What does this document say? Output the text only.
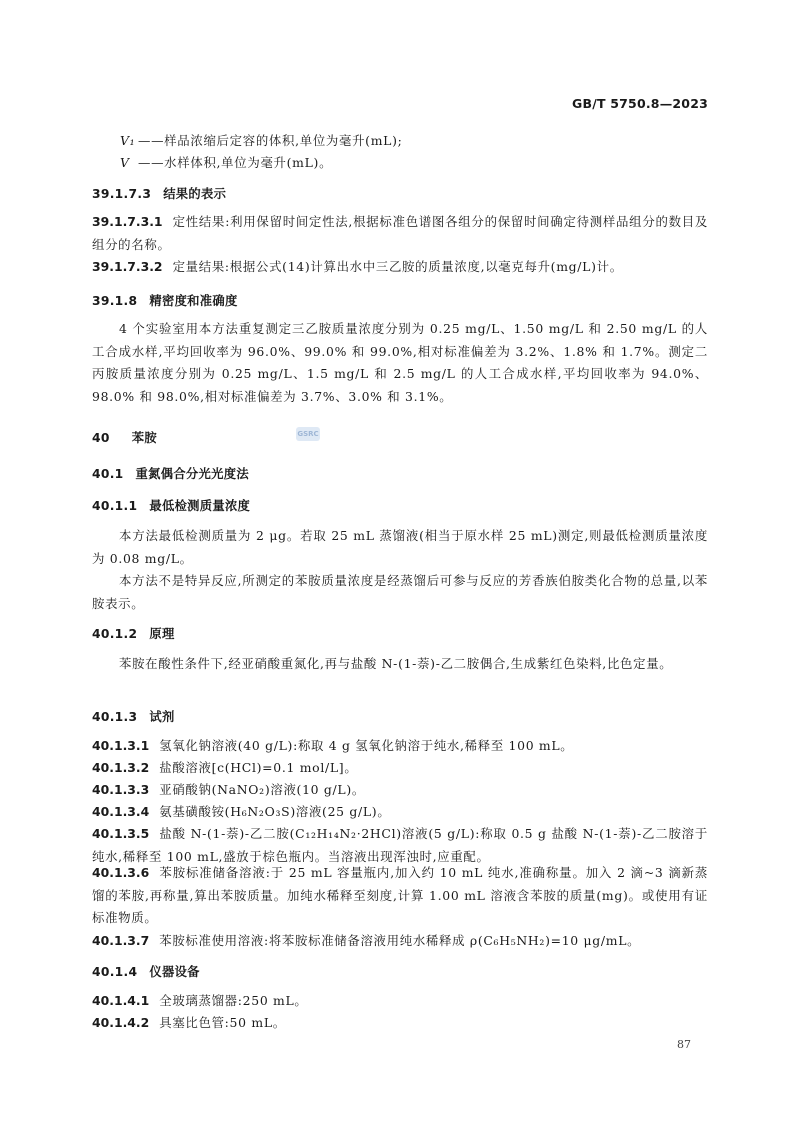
GB/T 5750.8—2023
V₁ ——样品浓缩后定容的体积,单位为毫升(mL);
V ——水样体积,单位为毫升(mL)。
39.1.7.3 结果的表示
39.1.7.3.1 定性结果:利用保留时间定性法,根据标准色谱图各组分的保留时间确定待测样品组分的数目及组分的名称。
39.1.7.3.2 定量结果:根据公式(14)计算出水中三乙胺的质量浓度,以毫克每升(mg/L)计。
39.1.8 精密度和准确度
4 个实验室用本方法重复测定三乙胺质量浓度分别为 0.25 mg/L、1.50 mg/L 和 2.50 mg/L 的人工合成水样,平均回收率为 96.0%、99.0% 和 99.0%,相对标准偏差为 3.2%、1.8% 和 1.7%。测定二丙胺质量浓度分别为 0.25 mg/L、1.5 mg/L 和 2.5 mg/L 的人工合成水样,平均回收率为 94.0%、98.0% 和 98.0%,相对标准偏差为 3.7%、3.0% 和 3.1%。
40 苯胺	GSRC
40.1 重氮偶合分光光度法
40.1.1 最低检测质量浓度
本方法最低检测质量为 2 μg。若取 25 mL 蒸馏液(相当于原水样 25 mL)测定,则最低检测质量浓度为 0.08 mg/L。
本方法不是特异反应,所测定的苯胺质量浓度是经蒸馏后可参与反应的芳香族伯胺类化合物的总量,以苯胺表示。
40.1.2 原理
苯胺在酸性条件下,经亚硝酸重氮化,再与盐酸 N-(1-萘)-乙二胺偶合,生成紫红色染料,比色定量。
40.1.3 试剂
40.1.3.1 氢氧化钠溶液(40 g/L):称取 4 g 氢氧化钠溶于纯水,稀释至 100 mL。
40.1.3.2 盐酸溶液[c(HCl)=0.1 mol/L]。
40.1.3.3 亚硝酸钠(NaNO₂)溶液(10 g/L)。
40.1.3.4 氨基磺酸铵(H₆N₂O₃S)溶液(25 g/L)。
40.1.3.5 盐酸 N-(1-萘)-乙二胺(C₁₂H₁₄N₂·2HCl)溶液(5 g/L):称取 0.5 g 盐酸 N-(1-萘)-乙二胺溶于纯水,稀释至 100 mL,盛放于棕色瓶内。当溶液出现浑浊时,应重配。
40.1.3.6 苯胺标准储备溶液:于 25 mL 容量瓶内,加入约 10 mL 纯水,准确称量。加入 2 滴~3 滴新蒸馏的苯胺,再称量,算出苯胺质量。加纯水稀释至刻度,计算 1.00 mL 溶液含苯胺的质量(mg)。或使用有证标准物质。
40.1.3.7 苯胺标准使用溶液:将苯胺标准储备溶液用纯水稀释成 ρ(C₆H₅NH₂)=10 μg/mL。
40.1.4 仪器设备
40.1.4.1 全玻璃蒸馏器:250 mL。
40.1.4.2 具塞比色管:50 mL。
87
